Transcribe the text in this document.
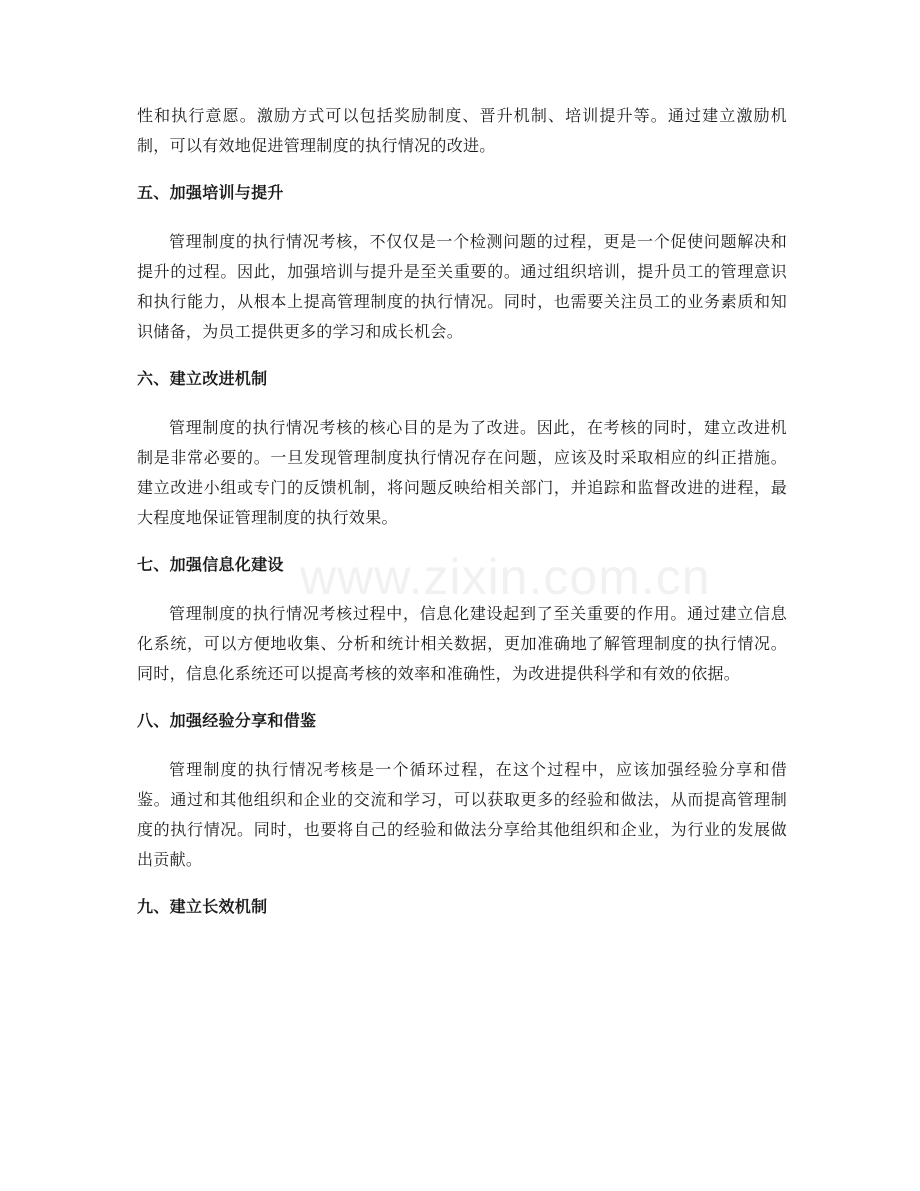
www.zixin.com.cn

性和执行意愿。激励方式可以包括奖励制度、晋升机制、培训提升等。通过建立激励机制，可以有效地促进管理制度的执行情况的改进。

五、加强培训与提升

管理制度的执行情况考核，不仅仅是一个检测问题的过程，更是一个促使问题解决和提升的过程。因此，加强培训与提升是至关重要的。通过组织培训，提升员工的管理意识和执行能力，从根本上提高管理制度的执行情况。同时，也需要关注员工的业务素质和知识储备，为员工提供更多的学习和成长机会。

六、建立改进机制

管理制度的执行情况考核的核心目的是为了改进。因此，在考核的同时，建立改进机制是非常必要的。一旦发现管理制度执行情况存在问题，应该及时采取相应的纠正措施。建立改进小组或专门的反馈机制，将问题反映给相关部门，并追踪和监督改进的进程，最大程度地保证管理制度的执行效果。

七、加强信息化建设

管理制度的执行情况考核过程中，信息化建设起到了至关重要的作用。通过建立信息化系统，可以方便地收集、分析和统计相关数据，更加准确地了解管理制度的执行情况。同时，信息化系统还可以提高考核的效率和准确性，为改进提供科学和有效的依据。

八、加强经验分享和借鉴

管理制度的执行情况考核是一个循环过程，在这个过程中，应该加强经验分享和借鉴。通过和其他组织和企业的交流和学习，可以获取更多的经验和做法，从而提高管理制度的执行情况。同时，也要将自己的经验和做法分享给其他组织和企业，为行业的发展做出贡献。

九、建立长效机制
